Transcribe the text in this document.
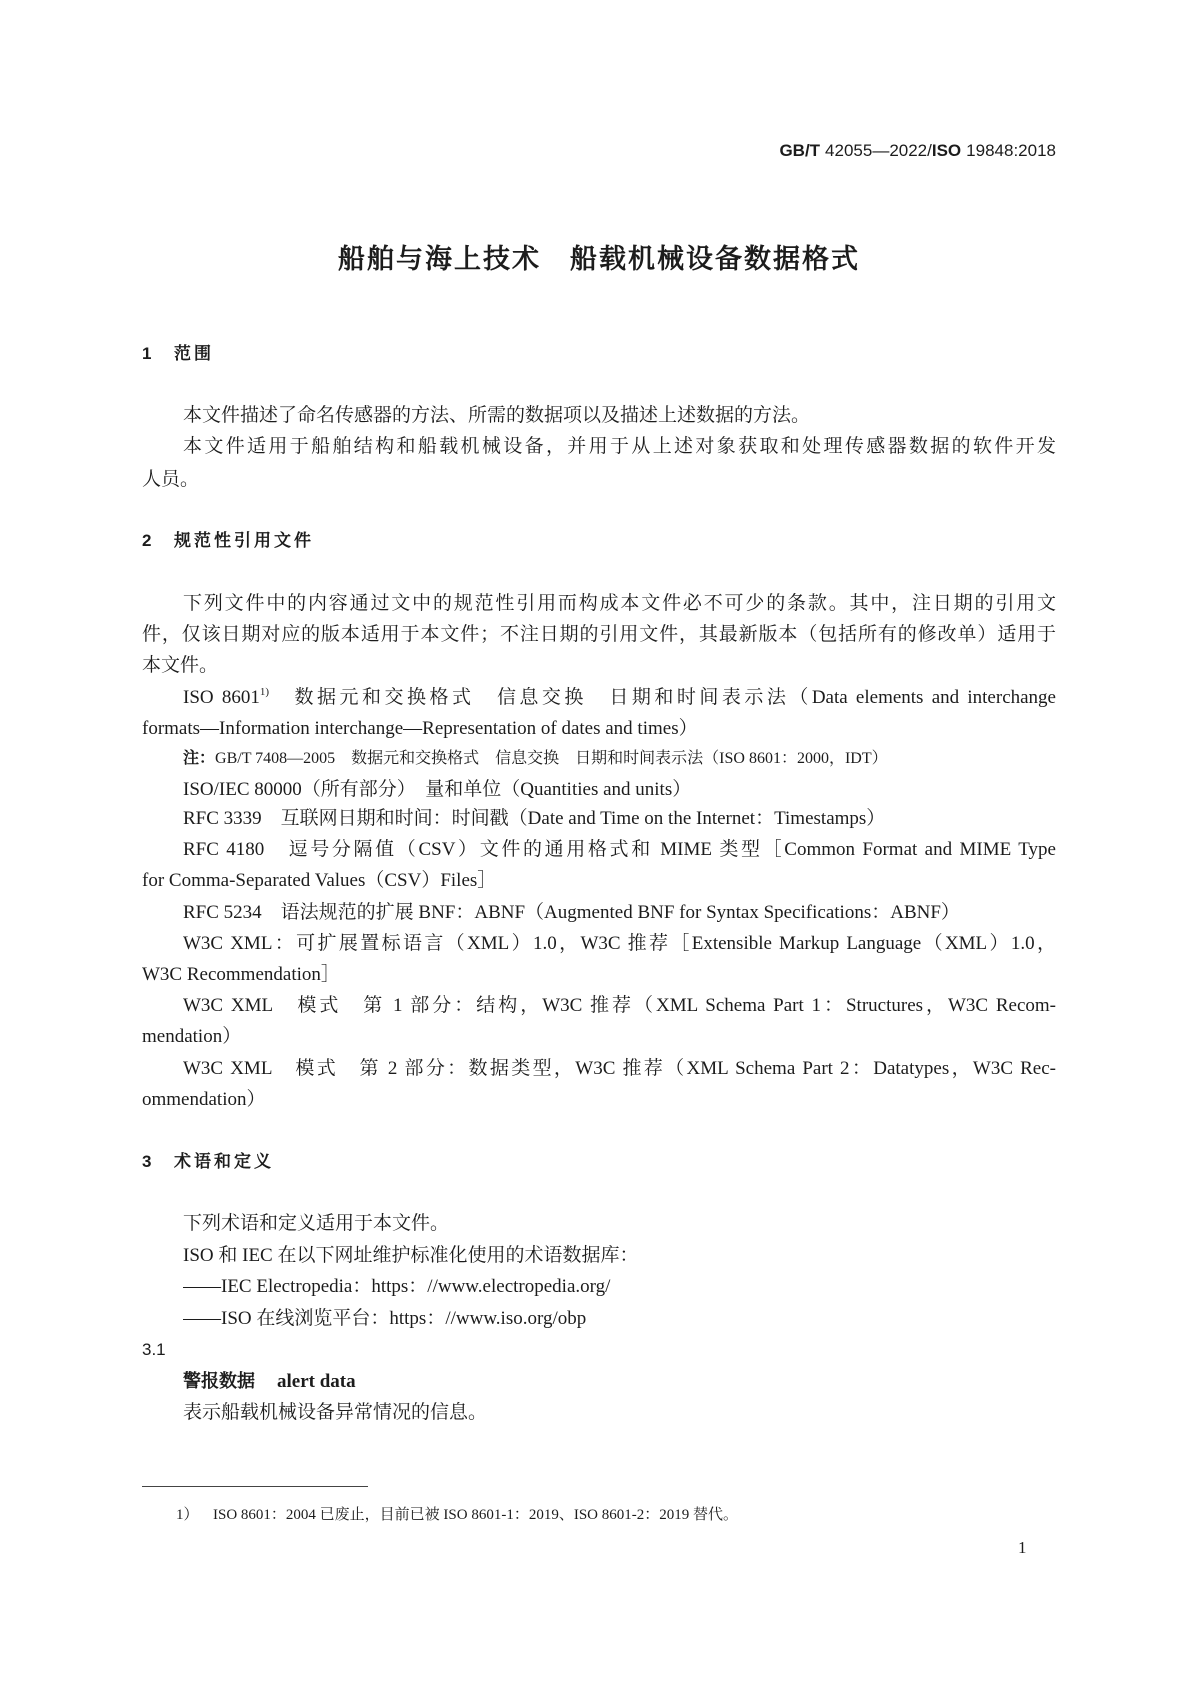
GB/T 42055—2022/ ISO 19848:2018
船舶与海上技术　船载机械设备数据格式
1	范围
本文件描述了命名传感器的方法、所需的数据项以及描述上述数据的方法。
本文件适用于船舶结构和船载机械设备，并用于从上述对象获取和处理传感器数据的软件开发
人员。
2	规范性引用文件
下列文件中的内容通过文中的规范性引用而构成本文件必不可少的条款。其中，注日期的引用文
件，仅该日期对应的版本适用于本文件；不注日期的引用文件，其最新版本（包括所有的修改单）适用于
本文件。
ISO 8601$^{1)}$ 数据元和交换格式　信息交换　日期和时间表示法（Data elements and interchange
formats—Information interchange—Representation of dates and times）
注：GB/T 7408—2005　数据元和交换格式　信息交换　日期和时间表示法（ISO 8601：2000，IDT）
ISO/IEC 80000（所有部分）　量和单位（Quantities and units）
RFC 3339　互联网日期和时间：时间戳（Date and Time on the Internet：Timestamps）
RFC 4180　逗号分隔值（CSV）文件的通用格式和 MIME 类型［Common Format and MIME Type
for Comma-Separated Values（CSV）Files］
RFC 5234　语法规范的扩展 BNF：ABNF（Augmented BNF for Syntax Specifications：ABNF）
W3C XML：可扩展置标语言（XML）1.0，W3C 推荐［Extensible Markup Language（XML）1.0，
W3C Recommendation］
W3C XML　模式　第 1 部分：结构，W3C 推荐（XML Schema Part 1：Structures，W3C Recom-
mendation）
W3C XML　模式　第 2 部分：数据类型，W3C 推荐（XML Schema Part 2：Datatypes，W3C Rec-
ommendation）
3	术语和定义
下列术语和定义适用于本文件。
ISO 和 IEC 在以下网址维护标准化使用的术语数据库：
——IEC Electropedia：https：//www.electropedia.org/
——ISO 在线浏览平台：https：//www.iso.org/obp
3.1
警报数据 alert data
表示船载机械设备异常情况的信息。
1） ISO 8601：2004 已废止，目前已被 ISO 8601-1：2019、ISO 8601-2：2019 替代。
1
